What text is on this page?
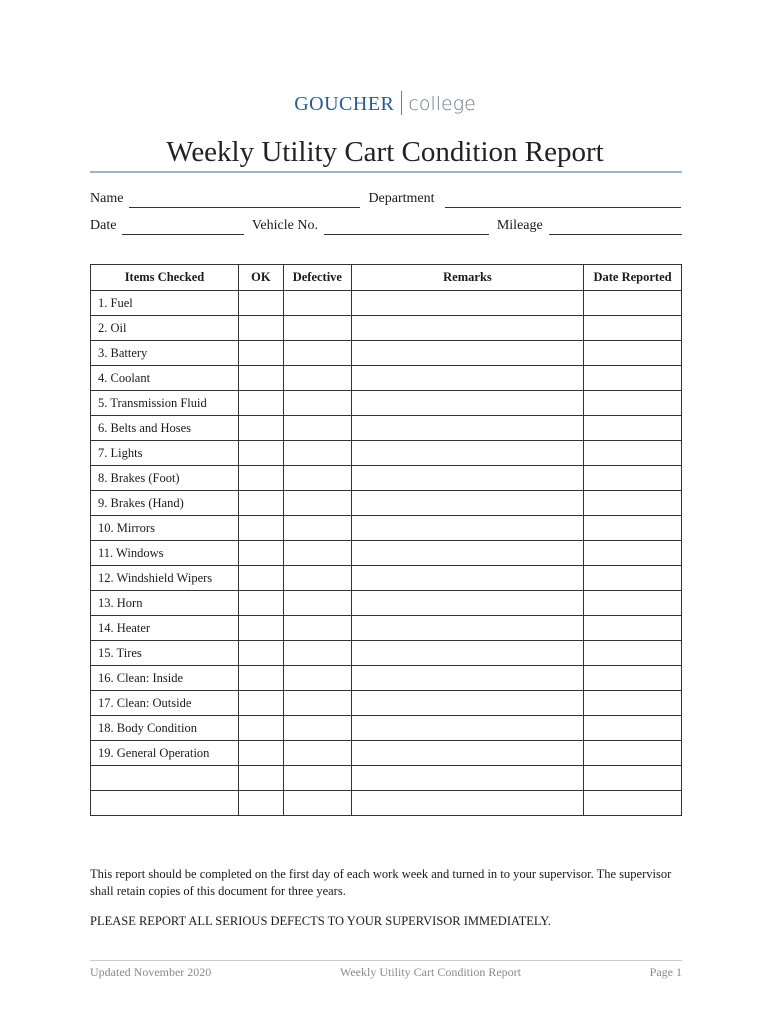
GOUCHER college
Weekly Utility Cart Condition Report
Name	Department
Date	Vehicle No.	Mileage
Items Checked	OK	Defective	Remarks	Date Reported
1. Fuel				
2. Oil				
3. Battery				
4. Coolant				
5. Transmission Fluid				
6. Belts and Hoses				
7. Lights				
8. Brakes (Foot)				
9. Brakes (Hand)				
10. Mirrors				
11. Windows				
12. Windshield Wipers				
13. Horn				
14. Heater				
15. Tires				
16. Clean: Inside				
17. Clean: Outside				
18. Body Condition				
19. General Operation				

This report should be completed on the first day of each work week and turned in to your supervisor. The supervisor shall retain copies of this document for three years.
PLEASE REPORT ALL SERIOUS DEFECTS TO YOUR SUPERVISOR IMMEDIATELY.
Updated November 2020	Weekly Utility Cart Condition Report	Page 1
